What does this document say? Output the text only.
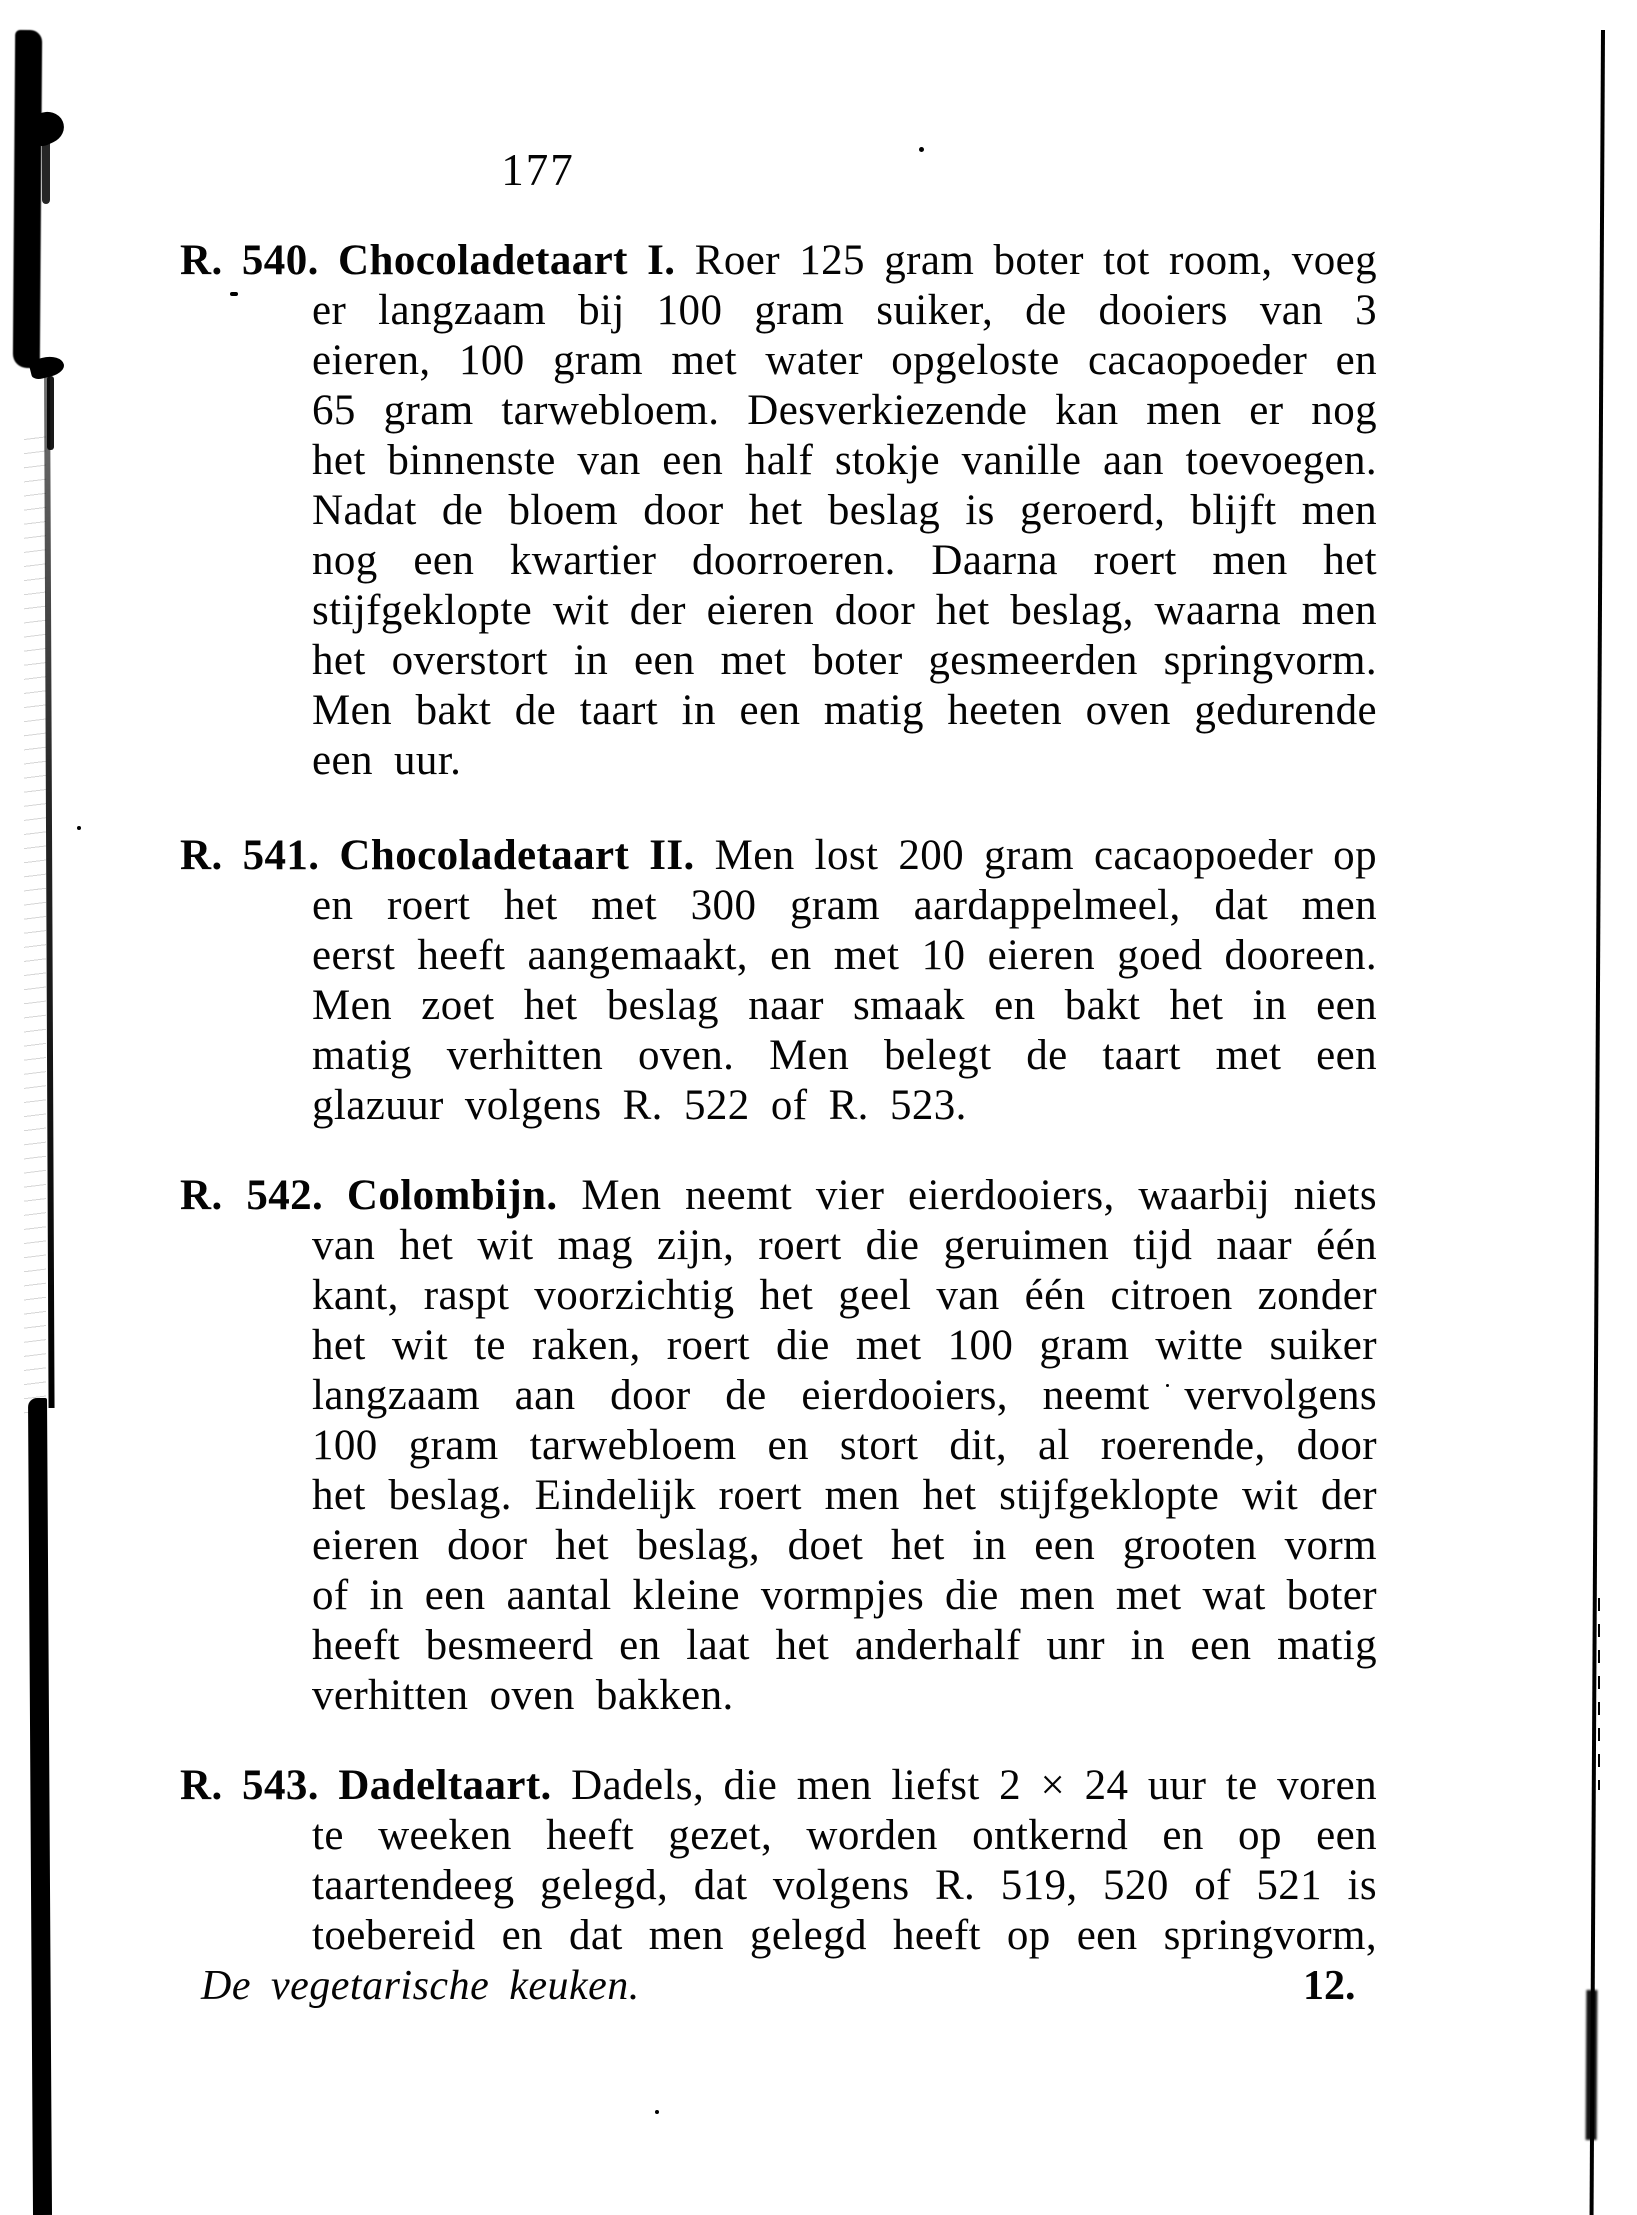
177
R. 540. Chocoladetaart I. Roer 125 gram boter tot room, voeg
er langzaam bij 100 gram suiker, de dooiers van 3
eieren, 100 gram met water opgeloste cacaopoeder en
65 gram tarwebloem. Desverkiezende kan men er nog
het binnenste van een half stokje vanille aan toevoegen.
Nadat de bloem door het beslag is geroerd, blijft men
nog een kwartier doorroeren. Daarna roert men het
stijfgeklopte wit der eieren door het beslag, waarna men
het overstort in een met boter gesmeerden springvorm.
Men bakt de taart in een matig heeten oven gedurende
een uur.
R. 541. Chocoladetaart II. Men lost 200 gram cacaopoeder op
en roert het met 300 gram aardappelmeel, dat men
eerst heeft aangemaakt, en met 10 eieren goed dooreen.
Men zoet het beslag naar smaak en bakt het in een
matig verhitten oven. Men belegt de taart met een
glazuur volgens R. 522 of R. 523.
R. 542. Colombijn. Men neemt vier eierdooiers, waarbij niets
van het wit mag zijn, roert die geruimen tijd naar één
kant, raspt voorzichtig het geel van één citroen zonder
het wit te raken, roert die met 100 gram witte suiker
langzaam aan door de eierdooiers, neemt vervolgens
100 gram tarwebloem en stort dit, al roerende, door
het beslag. Eindelijk roert men het stijfgeklopte wit der
eieren door het beslag, doet het in een grooten vorm
of in een aantal kleine vormpjes die men met wat boter
heeft besmeerd en laat het anderhalf unr in een matig
verhitten oven bakken.
R. 543. Dadeltaart. Dadels, die men liefst 2 × 24 uur te voren
te weeken heeft gezet, worden ontkernd en op een
taartendeeg gelegd, dat volgens R. 519, 520 of 521 is
toebereid en dat men gelegd heeft op een springvorm,
De vegetarische keuken.	12.
